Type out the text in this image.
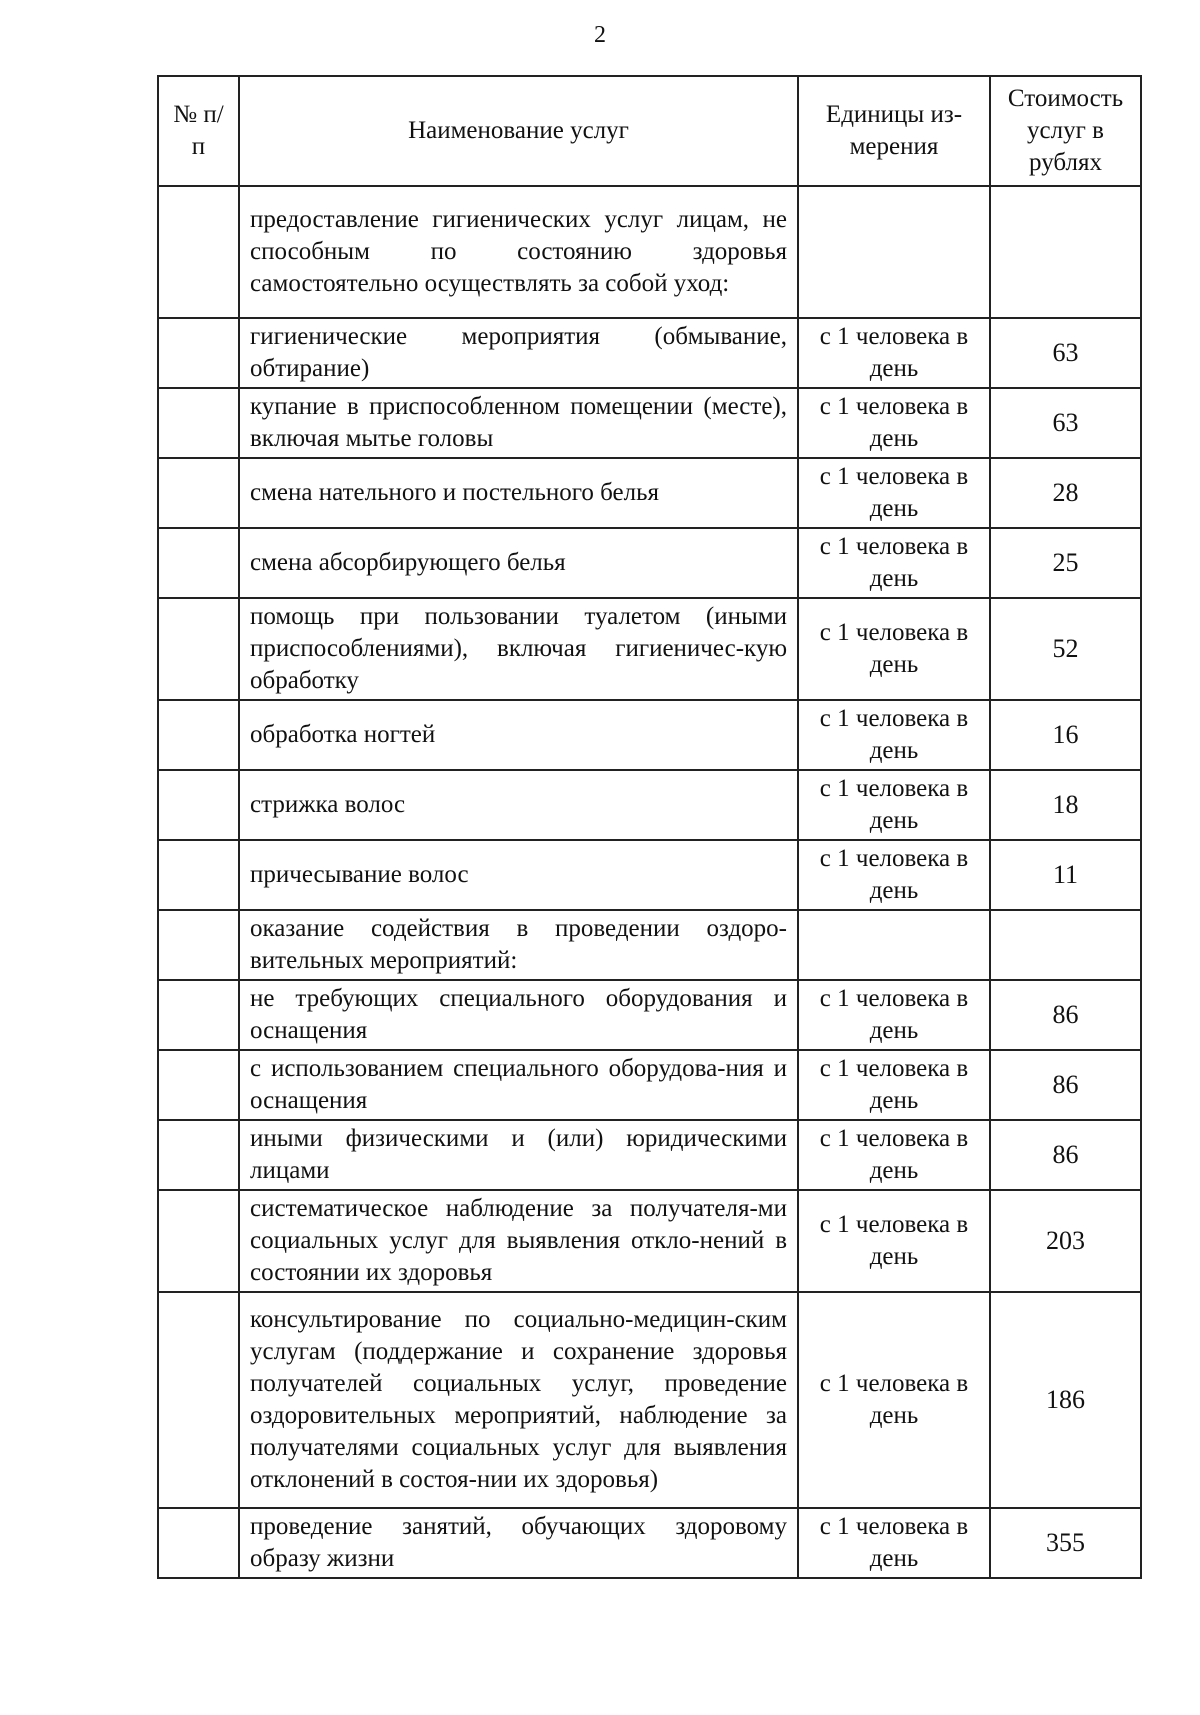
2
№ п/п	Наименование услуг	Единицы из-мерения	Стоимость услуг в рублях
	предоставление гигиенических услуг лицам, не способным по состоянию здоровья самостоятельно осуществлять за собой уход:		
	гигиенические мероприятия (обмывание, обтирание)	с 1 человека в день	63
	купание в приспособленном помещении (месте), включая мытье головы	с 1 человека в день	63
	смена нательного и постельного белья	с 1 человека в день	28
	смена абсорбирующего белья	с 1 человека в день	25
	помощь при пользовании туалетом (иными приспособлениями), включая гигиеничес-кую обработку	с 1 человека в день	52
	обработка ногтей	с 1 человека в день	16
	стрижка волос	с 1 человека в день	18
	причесывание волос	с 1 человека в день	11
	оказание содействия в проведении оздоро-вительных мероприятий:		
	не требующих специального оборудования и оснащения	с 1 человека в день	86
	с использованием специального оборудова-ния и оснащения	с 1 человека в день	86
	иными физическими и (или) юридическими лицами	с 1 человека в день	86
	систематическое наблюдение за получателя-ми социальных услуг для выявления откло-нений в состоянии их здоровья	с 1 человека в день	203
	консультирование по социально-медицин-ским услугам (поддержание и сохранение здоровья получателей социальных услуг, проведение оздоровительных мероприятий, наблюдение за получателями социальных услуг для выявления отклонений в состоя-нии их здоровья)	с 1 человека в день	186
	проведение занятий, обучающих здоровому образу жизни	с 1 человека в день	355
